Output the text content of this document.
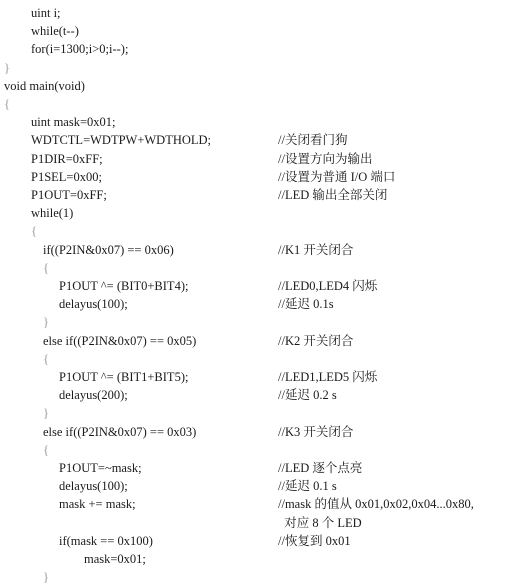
uint i;
while(t--)
for(i=1300;i>0;i--);
}
void main(void)
{
uint mask=0x01;
WDTCTL=WDTPW+WDTHOLD;	//关闭看门狗
P1DIR=0xFF;	//设置方向为输出
P1SEL=0x00;	//设置为普通 I/O 端口
P1OUT=0xFF;	//LED 输出全部关闭
while(1)
{
if((P2IN&0x07) == 0x06)	//K1 开关闭合
{
P1OUT ^= (BIT0+BIT4);	//LED0,LED4 闪烁
delayus(100);	//延迟 0.1s
}
else if((P2IN&0x07) == 0x05)	//K2 开关闭合
{
P1OUT ^= (BIT1+BIT5);	//LED1,LED5 闪烁
delayus(200);	//延迟 0.2 s
}
else if((P2IN&0x07) == 0x03)	//K3 开关闭合
{
P1OUT=~mask;	//LED 逐个点亮
delayus(100);	//延迟 0.1 s
mask += mask;	//mask 的值从 0x01,0x02,0x04...0x80,
对应 8 个 LED
if(mask == 0x100)	//恢复到 0x01
mask=0x01;
}
